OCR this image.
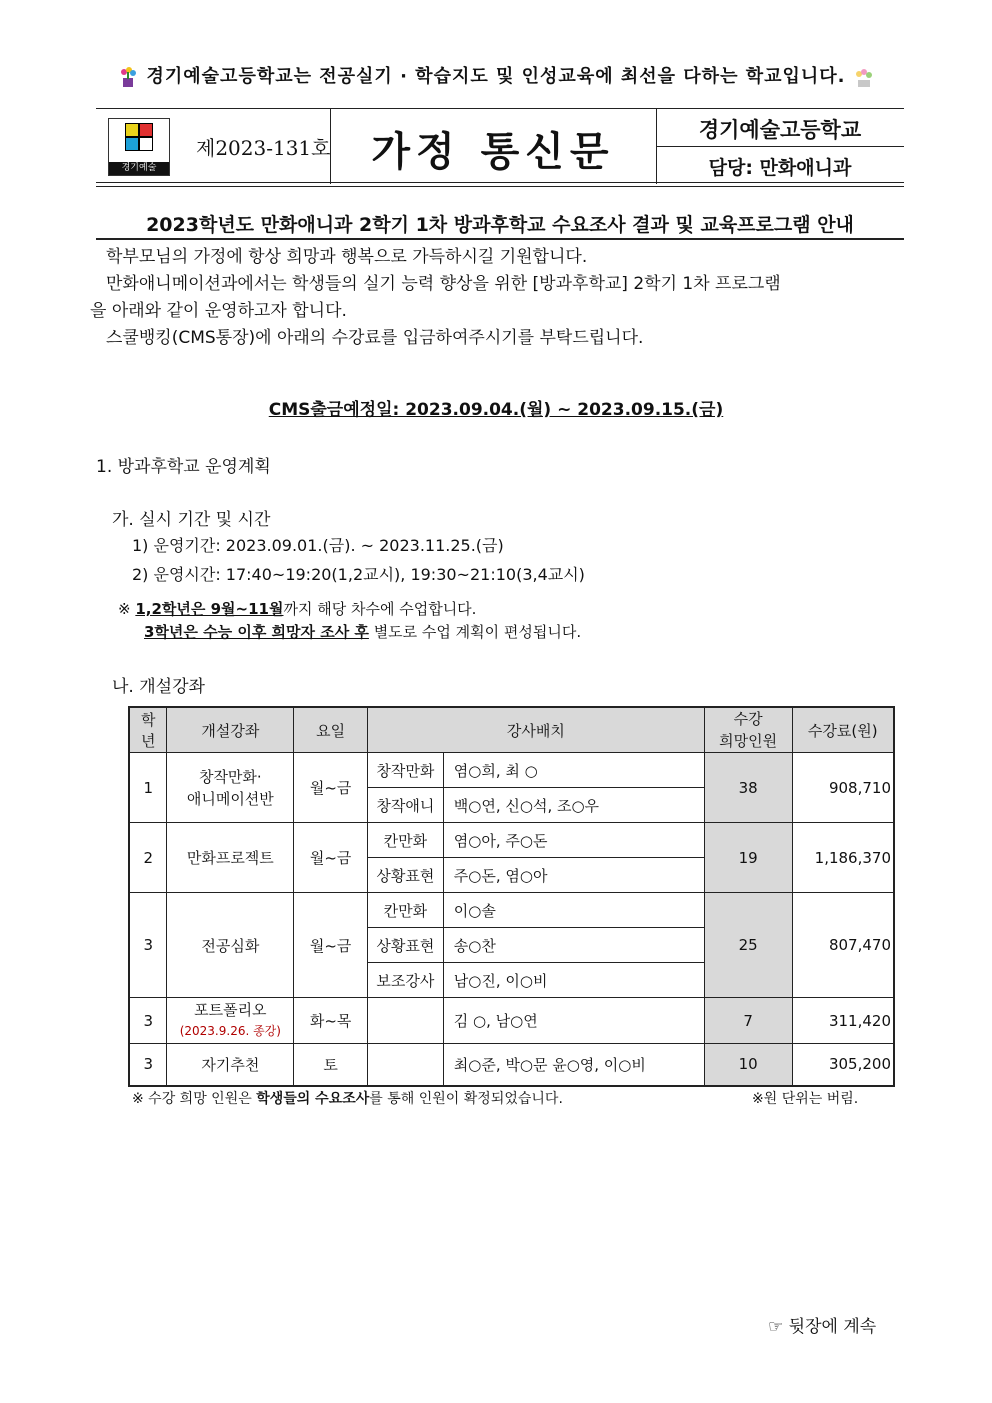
경기예술고등학교는 전공실기 · 학습지도 및 인성교육에 최선을 다하는 학교입니다.
경기예술
제2023-131호	가정 통신문	경기예술고등학교
담당: 만화애니과
2023학년도 만화애니과 2학기 1차 방과후학교 수요조사 결과 및 교육프로그램 안내
학부모님의 가정에 항상 희망과 행복으로 가득하시길 기원합니다.
만화애니메이션과에서는 학생들의 실기 능력 향상을 위한 [방과후학교] 2학기 1차 프로그램
을 아래와 같이 운영하고자 합니다.
스쿨뱅킹(CMS통장)에 아래의 수강료를 입금하여주시기를 부탁드립니다.
CMS출금예정일: 2023.09.04.(월) ~ 2023.09.15.(금)
1. 방과후학교 운영계획
가. 실시 기간 및 시간
1) 운영기간: 2023.09.01.(금). ~ 2023.11.25.(금)
2) 운영시간: 17:40~19:20(1,2교시), 19:30~21:10(3,4교시)
※ 1,2학년은 9월~11월까지 해당 차수에 수업합니다.
3학년은 수능 이후 희망자 조사 후 별도로 수업 계획이 편성됩니다.
나. 개설강좌
학년	개설강좌	요일	강사배치		수강
희망인원	수강료(원)
1	창작만화·
애니메이션반	월~금	창작만화	염○희, 최 ○	38	908,710
			창작애니	백○연, 신○석, 조○우		
2	만화프로젝트	월~금	칸만화	염○아, 주○돈	19	1,186,370
			상황표현	주○돈, 염○아		
3	전공심화	월~금	칸만화	이○솔	25	807,470
			상황표현	송○찬		
			보조강사	남○진, 이○비		
3	포트폴리오
(2023.9.26. 종강)	화~목		김 ○, 남○연	7	311,420
3	자기추천	토		최○준, 박○문 윤○영, 이○비	10	305,200
※ 수강 희망 인원은 학생들의 수요조사를 통해 인원이 확정되었습니다.	※원 단위는 버림.
☞ 뒷장에 계속
